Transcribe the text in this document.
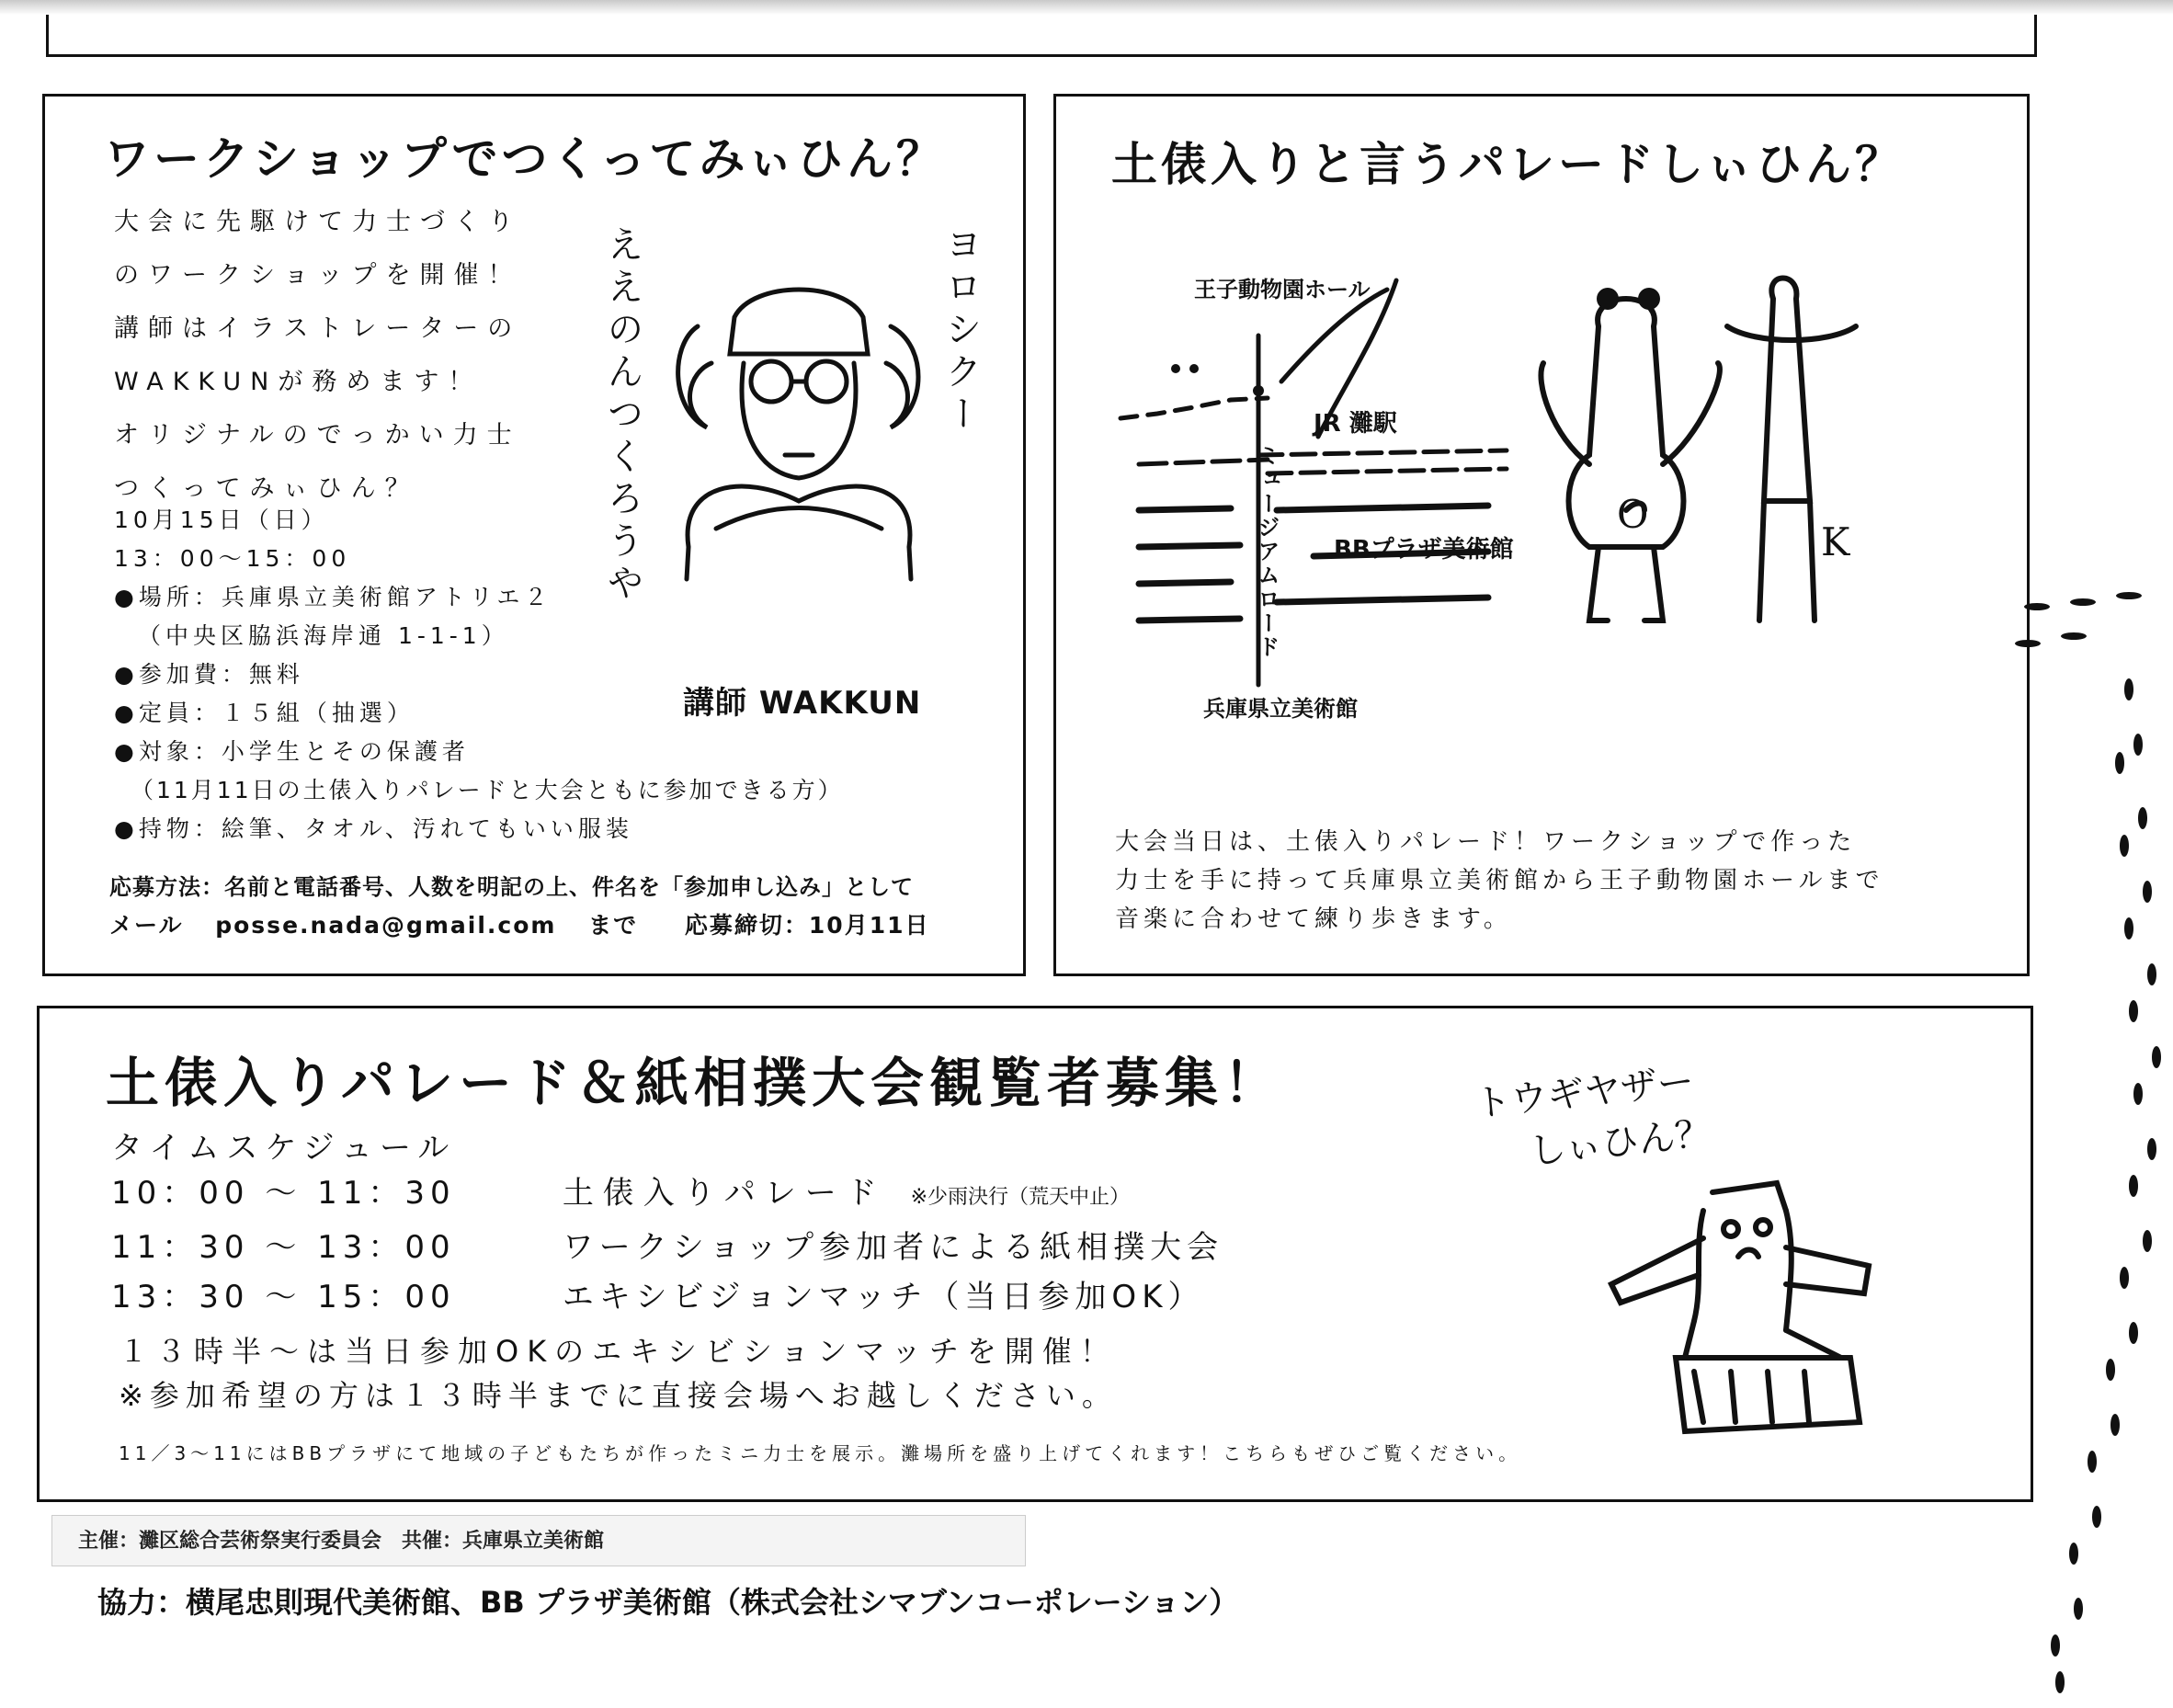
ワークショップでつくってみぃひん？
大会に先駆けて力士づくり
のワークショップを開催！
講師はイラストレーターの
WAKKUNが務めます！
オリジナルのでっかい力士
つくってみぃひん？
10月15日（日）
13：00〜15：00
●場所：兵庫県立美術館アトリエ２
（中央区脇浜海岸通 1-1-1）
●参加費：無料
●定員：１５組（抽選）
●対象：小学生とその保護者
（11月11日の土俵入りパレードと大会ともに参加できる方）
●持物：絵筆、タオル、汚れてもいい服装
応募方法：名前と電話番号、人数を明記の上、件名を「参加申し込み」として
メール posse.nada@gmail.com まで 応募締切：10月11日
ええのんつくろうや	ヨロシクー
講師 WAKKUN
土俵入りと言うパレードしぃひん？
王子動物園ホール
JR 灘駅
ミュージアムロード BBプラザ美術館
兵庫県立美術館
O
K
大会当日は、土俵入りパレード！ワークショップで作った
力士を手に持って兵庫県立美術館から王子動物園ホールまで
音楽に合わせて練り歩きます。
土俵入りパレード＆紙相撲大会観覧者募集！
タイムスケジュール
10：00 〜 11：30	土俵入りパレード ※少雨決行（荒天中止）
11：30 〜 13：00	ワークショップ参加者による紙相撲大会
13：30 〜 15：00	エキシビジョンマッチ（当日参加OK）
１３時半〜は当日参加OKのエキシビションマッチを開催！
※参加希望の方は１３時半までに直接会場へお越しください。
11／3〜11にはBBプラザにて地域の子どもたちが作ったミニ力士を展示。灘場所を盛り上げてくれます！こちらもぜひご覧ください。
トウギヤザー
しぃひん？
主催：灘区総合芸術祭実行委員会　共催：兵庫県立美術館
協力：横尾忠則現代美術館、BB プラザ美術館（株式会社シマブンコーポレーション）
